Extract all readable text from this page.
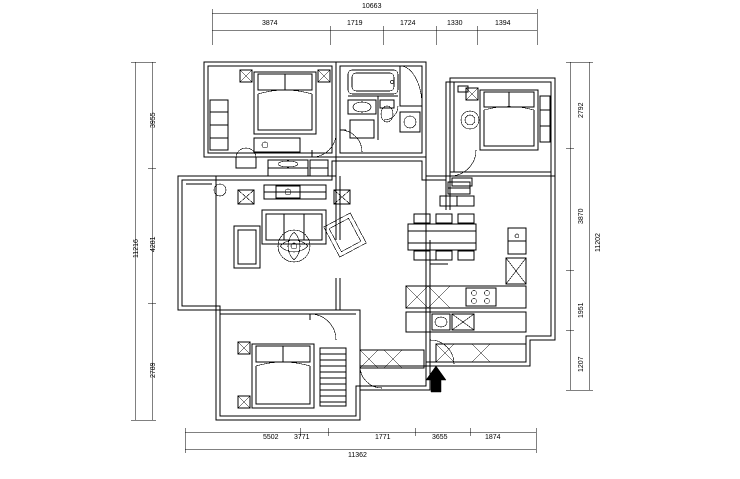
10663
3874	1719	1724	1330	1394
5502 3771	1771	3655	1874
11362
3955
4281
2789
11216
2792
3870
1951
1207
11202
